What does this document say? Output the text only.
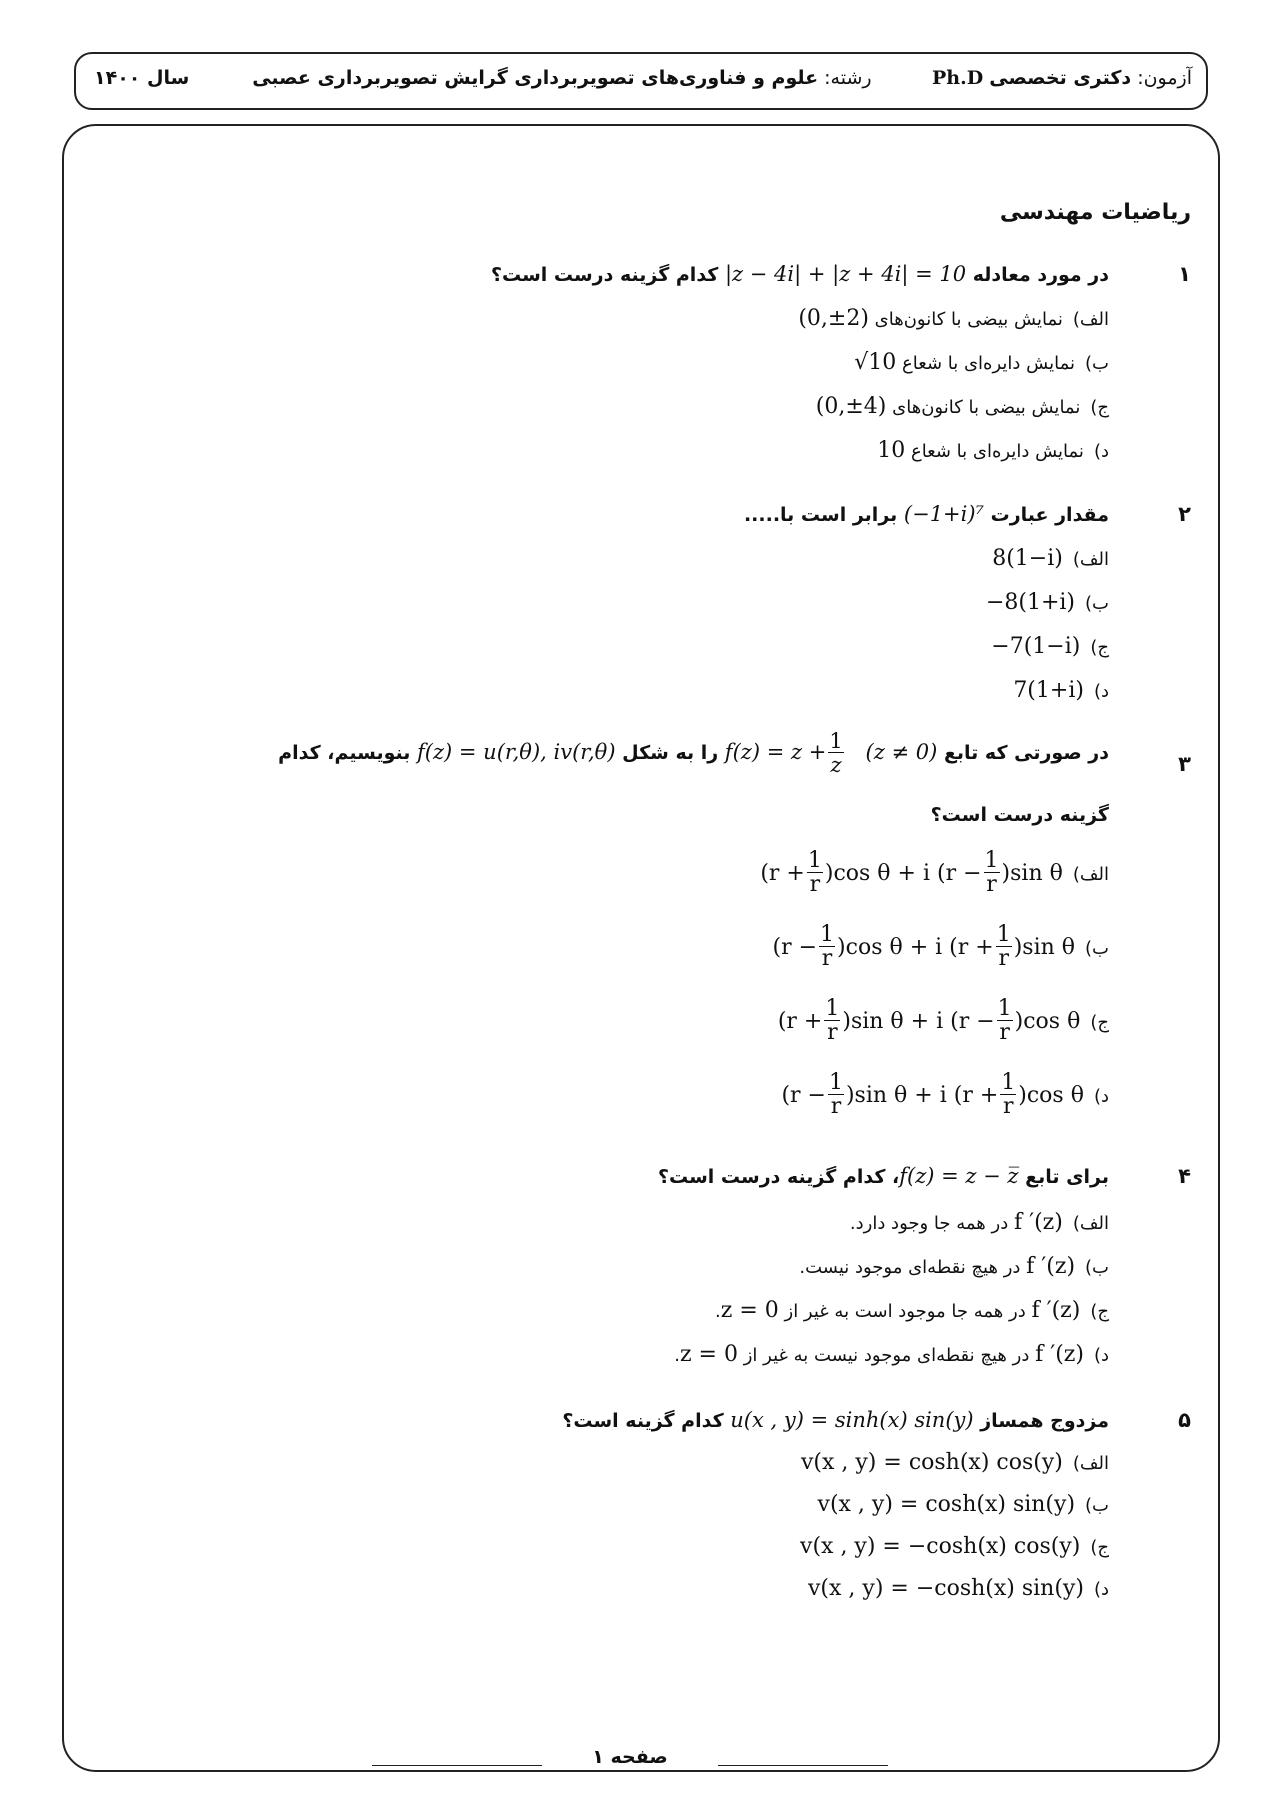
آزمون: دکتری تخصصی Ph.D          رشته: علوم و فناوری‌های تصویربرداری گرایش تصویربرداری عصبی
سال ۱۴۰۰
ریاضیات مهندسی
۱
در مورد معادله |z − 4i| + |z + 4i| = 10 کدام گزینه درست است؟
الف)نمایش بیضی با کانون‌های (0,±2)
ب)نمایش دایره‌ای با شعاع √10
ج)نمایش بیضی با کانون‌های (0,±4)
د)نمایش دایره‌ای با شعاع 10
۲
مقدار عبارت (−1+i)⁷ برابر است با.....
الف)8(1−i)
ب)−8(1+i)
ج)−7(1−i)
د)7(1+i)
۳
در صورتی که تابع (z ≠ 0)   $f(z) = z + \frac{1}{z}$
را به شکل f(z) = u(r,θ), iv(r,θ) بنویسیم، کدام
گزینه درست است؟
الف)(r + $\frac{1}{r} )\cos$ θ + i $(r - \frac{1}{r} )\sin$ θ
ب)(r − $\frac{1}{r} )\cos$ θ + i $(r + \frac{1}{r} )\sin$ θ
ج)(r + $\frac{1}{r} )\sin$ θ + i $(r - \frac{1}{r} )\cos$ θ
د)(r − $\frac{1}{r} )\sin$ θ + i $(r + \frac{1}{r} )\cos$ θ
۴
برای تابع f(z) = z − z̅، کدام گزینه درست است؟
الف)f ′(z) در همه جا وجود دارد.
ب)f ′(z) در هیچ نقطه‌ای موجود نیست.
ج)f ′(z) در همه جا موجود است به غیر از z = 0.
د)f ′(z) در هیچ نقطه‌ای موجود نیست به غیر از z = 0.
۵
مزدوج همساز u(x , y) = sinh(x) sin(y) کدام گزینه است؟
الف)v(x , y) = cosh(x) cos(y)
ب)v(x , y) = cosh(x) sin(y)
ج)v(x , y) = −cosh(x) cos(y)
د)v(x , y) = −cosh(x) sin(y)
صفحه ۱
